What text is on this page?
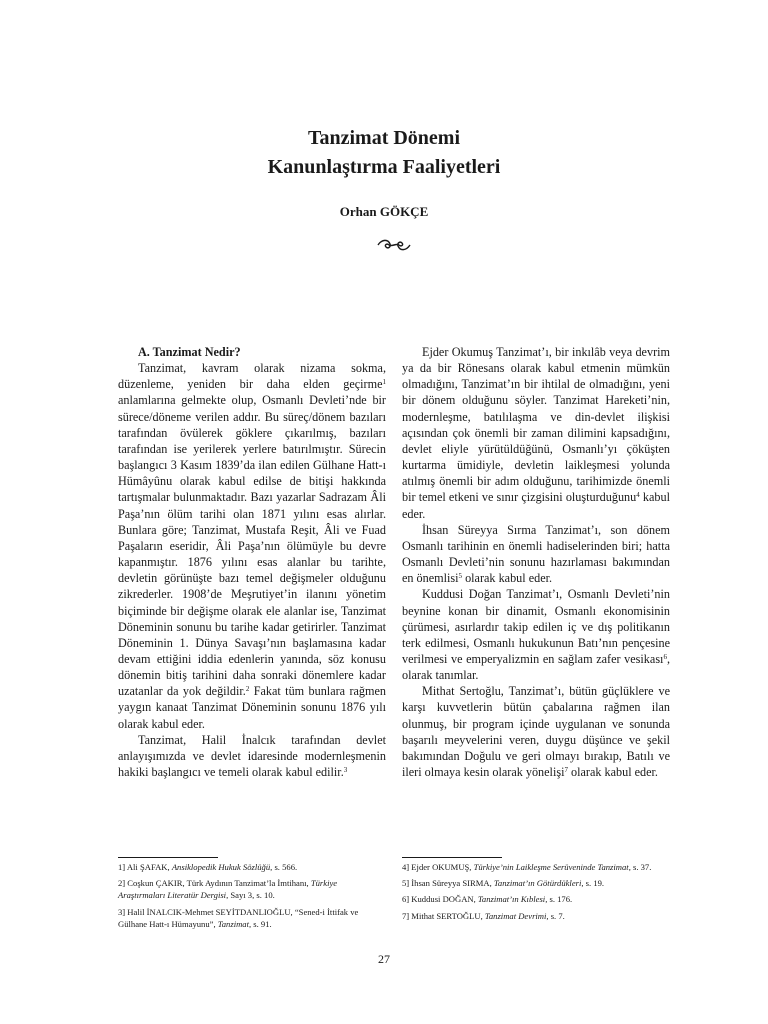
Tanzimat Dönemi
Kanunlaştırma Faaliyetleri
Orhan GÖKÇE
A. Tanzimat Nedir?

Tanzimat, kavram olarak nizama sokma, düzenleme, yeniden bir daha elden geçirme$^1$ anlamlarına gelmekte olup, Osmanlı Devleti’nde bir sürece/döneme verilen addır. Bu süreç/dönem bazıları tarafından övülerek göklere çıkarılmış, bazıları tarafından ise yerilerek yerlere batırılmıştır. Sürecin başlangıcı 3 Kasım 1839’da ilan edilen Gülhane Hatt-ı Hümâyûnu olarak kabul edilse de bitişi hakkında tartışmalar bulunmaktadır. Bazı yazarlar Sadrazam Âli Paşa’nın ölüm tarihi olan 1871 yılını esas alırlar. Bunlara göre; Tanzimat, Mustafa Reşit, Âli ve Fuad Paşaların eseridir, Âli Paşa’nın ölümüyle bu devre kapanmıştır. 1876 yılını esas alanlar bu tarihte, devletin görünüşte bazı temel değişmeler olduğunu zikrederler. 1908’de Meşrutiyet’in ilanını yönetim biçiminde bir değişme olarak ele alanlar ise, Tanzimat Döneminin sonunu bu tarihe kadar getirirler. Tanzimat Döneminin 1. Dünya Savaşı’nın başlamasına kadar devam ettiğini iddia edenlerin yanında, söz konusu dönemin bitiş tarihini daha sonraki dönemlere kadar uzatanlar da yok değildir.$^2$ Fakat tüm bunlara rağmen yaygın kanaat Tanzimat Döneminin sonunu 1876 yılı olarak kabul eder.

Tanzimat, Halil İnalcık tarafından devlet anlayışımızda ve devlet idaresinde modernleşmenin hakiki başlangıcı ve temeli olarak kabul edilir.$^3$

Ejder Okumuş Tanzimat’ı, bir inkılâb veya devrim ya da bir Rönesans olarak kabul etmenin mümkün olmadığını, Tanzimat’ın bir ihtilal de olmadığını, yeni bir dönem olduğunu söyler. Tanzimat Hareketi’nin, modernleşme, batılılaşma ve din-devlet ilişkisi açısından çok önemli bir zaman dilimini kapsadığını, devlet eliyle yürütüldüğünü, Osmanlı’yı çöküşten kurtarma ümidiyle, devletin laikleşmesi yolunda atılmış önemli bir adım olduğunu, tarihimizde önemli bir temel etkeni ve sınır çizgisini oluşturduğunu$^4$ kabul eder.

İhsan Süreyya Sırma Tanzimat’ı, son dönem Osmanlı tarihinin en önemli hadiselerinden biri; hatta Osmanlı Devleti’nin sonunu hazırlaması bakımından en önemlisi$^5$ olarak kabul eder.

Kuddusi Doğan Tanzimat’ı, Osmanlı Devleti’nin beynine konan bir dinamit, Osmanlı ekonomisinin çürümesi, asırlardır takip edilen iç ve dış politikanın terk edilmesi, Osmanlı hukukunun Batı’nın pençesine verilmesi ve emperyalizmin en sağlam zafer vesikası$^6$, olarak tanımlar.

Mithat Sertoğlu, Tanzimat’ı, bütün güçlüklere ve karşı kuvvetlerin bütün çabalarına rağmen ilan olunmuş, bir program içinde uygulanan ve sonunda başarılı meyvelerini veren, duygu düşünce ve şekil bakımından Doğulu ve geri olmayı bırakıp, Batılı ve ileri olmaya kesin olarak yönelişi$^7$ olarak kabul eder.

1] Ali ŞAFAK, Ansiklopedik Hukuk Sözlüğü, s. 566.
2] Coşkun ÇAKIR, Türk Aydının Tanzimat’la İmtihanı, Türkiye Araştırmaları Literatür Dergisi, Sayı 3, s. 10.
3] Halil İNALCIK-Mehmet SEYİTDANLIOĞLU, “Sened-i İttifak ve Gülhane Hatt-ı Hümayunu”, Tanzimat, s. 91.
4] Ejder OKUMUŞ, Türkiye’nin Laikleşme Serüveninde Tanzimat, s. 37.
5] İhsan Süreyya SIRMA, Tanzimat’ın Götürdükleri, s. 19.
6] Kuddusi DOĞAN, Tanzimat’ın Kıblesi, s. 176.
7] Mithat SERTOĞLU, Tanzimat Devrimi, s. 7.
27
